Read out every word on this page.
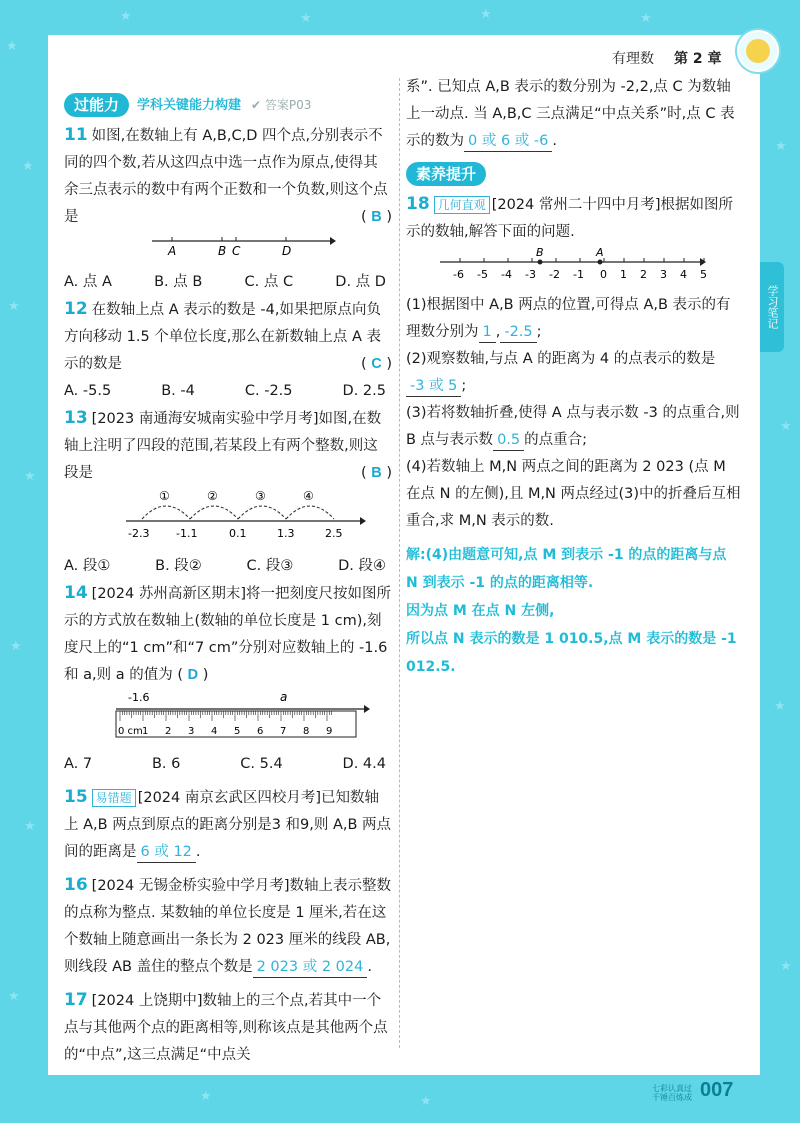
★
★
★
★
★
★
★
★	★	★	★
★
★
★
★
★	★
有理数 第 2 章
学习笔记
过能力	学科关键能力构建 ✔ 答案P03

11 如图,在数轴上有 A,B,C,D 四个点,分别表示不同的四个数,若从这四点中选一点作为原点,使得其余三点表示的数中有两个正数和一个负数,则这个点是	( B )

A	B C	D
A. 点 A	B. 点 B	C. 点 C	D. 点 D

12 在数轴上点 A 表示的数是 -4,如果把原点向负方向移动 1.5 个单位长度,那么在新数轴上点 A 表示的数是	( C )

A. -5.5	B. -4	C. -2.5	D. 2.5

13 [2023 南通海安城南实验中学月考]如图,在数轴上注明了四段的范围,若某段上有两个整数,则这段是	( B )

①	②	③	④
-2.3 -1.1	0.1	1.3	2.5
A. 段①	B. 段②	C. 段③	D. 段④

14 [2024 苏州高新区期末]将一把刻度尺按如图所示的方式放在数轴上(数轴的单位长度是 1 cm),刻度尺上的“1 cm”和“7 cm”分别对应数轴上的 -1.6 和 a,则 a 的值为 ( D )

-1.6	a
0 cm 1 2 3 4 5 6 7 8 9
A. 7	B. 6	C. 5.4	D. 4.4

15 易错题 [2024 南京玄武区四校月考]已知数轴上 A,B 两点到原点的距离分别是3 和9,则 A,B 两点间的距离是 6 或 12 .

16 [2024 无锡金桥实验中学月考]数轴上表示整数的点称为整点. 某数轴的单位长度是 1 厘米,若在这个数轴上随意画出一条长为 2 023 厘米的线段 AB,则线段 AB 盖住的整点个数是 2 023 或 2 024 .

17 [2024 上饶期中]数轴上的三个点,若其中一个点与其他两个点的距离相等,则称该点是其他两个点的“中点”,这三点满足“中点关

系”. 已知点 A,B 表示的数分别为 -2,2,点 C 为数轴上一动点. 当 A,B,C 三点满足“中点关系”时,点 C 表示的数为 0 或 6 或 -6 .

素养提升

18 几何直观 [2024 常州二十四中月考]根据如图所示的数轴,解答下面的问题.

B	A
-6 -5 -4 -3 -2 -1 0 1 2 3 4 5

(1)根据图中 A,B 两点的位置,可得点 A,B 表示的有理数分别为 1 , -2.5 ;

(2)观察数轴,与点 A 的距离为 4 的点表示的数是-3 或 5 ;

(3)若将数轴折叠,使得 A 点与表示数 -3 的点重合,则 B 点与表示数 0.5 的点重合;

(4)若数轴上 M,N 两点之间的距离为 2 023 (点 M 在点 N 的左侧),且 M,N 两点经过(3)中的折叠后互相重合,求 M,N 表示的数.

解:(4)由题意可知,点 M 到表示 -1 的点的距离与点 N 到表示 -1 的点的距离相等.
因为点 M 在点 N 左侧,
所以点 N 表示的数是 1 010.5,点 M 表示的数是 -1 012.5.
七彩认真过 千锤百炼成 007
